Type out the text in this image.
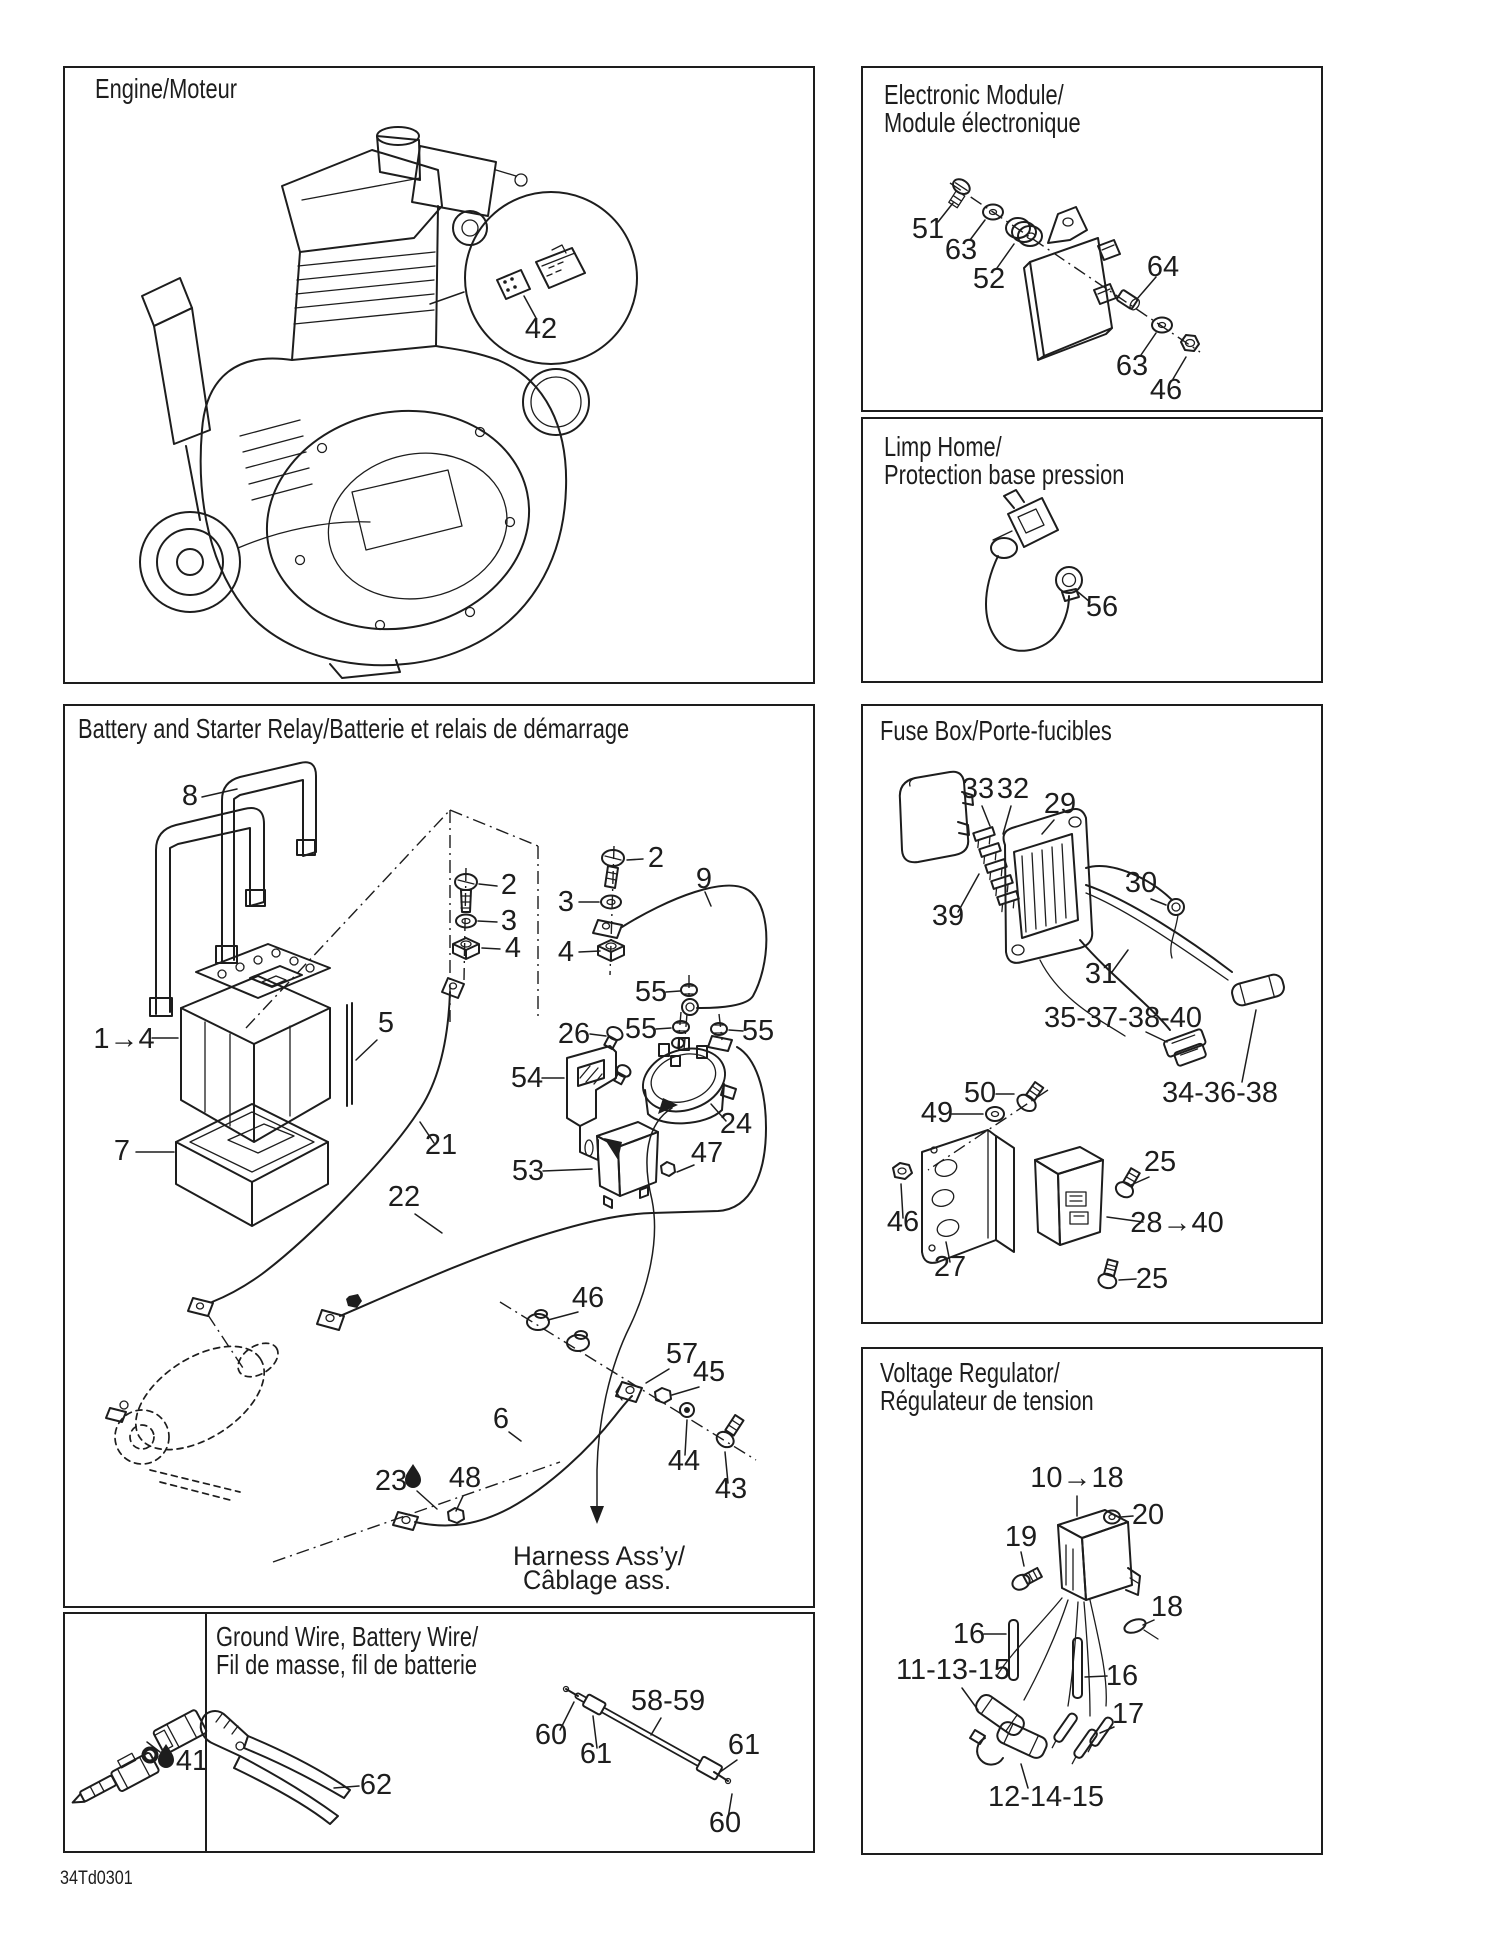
Engine/Moteur	Electronic Module/
Module électronique
Limp Home/
Protection base pression
Battery and Starter Relay/Batterie et relais de démarrage	Fuse Box/Porte-fucibles
Voltage Regulator/
Régulateur de tension
Ground Wire, Battery Wire/
Fil de masse, fil de batterie
34Td0301
42
51
63
52	64
63
46
56
8
1→4	5
7	21
22
2
3
4
2
3
4
9
55
55	55
26
54
24
53
47
46
57
45
44
43
6
23 48
Harness Ass’y/
Câblage ass.
33 32 29
39
30
31
35-37-38-40
34-36-38
50
49
46
27
28→40
25
25
10→18
20
19
18
16
16
11-13-15
17
12-14-15
41
62
60
61
58-59
61
60
